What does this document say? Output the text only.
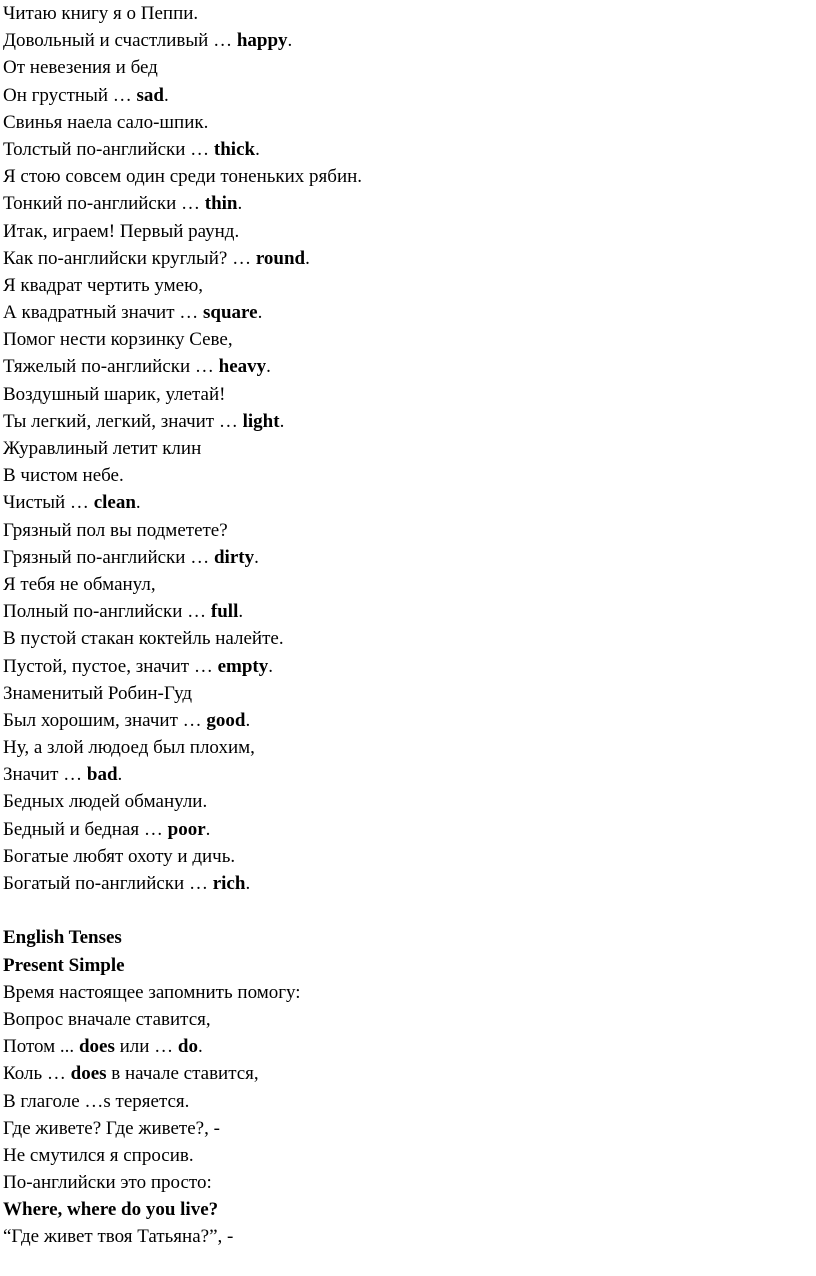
Читаю книгу я о Пеппи.
Довольный и счастливый … happy.
От невезения и бед
Он грустный … sad.
Свинья наела сало-шпик.
Толстый по-английски … thick.
Я стою совсем один среди тоненьких рябин.
Тонкий по-английски … thin.
Итак, играем! Первый раунд.
Как по-английски круглый? … round.
Я квадрат чертить умею,
А квадратный значит … square.
Помог нести корзинку Севе,
Тяжелый по-английски … heavy.
Воздушный шарик, улетай!
Ты легкий, легкий, значит … light.
Журавлиный летит клин
В чистом небе.
Чистый … clean.
Грязный пол вы подметете?
Грязный по-английски … dirty.
Я тебя не обманул,
Полный по-английски … full.
В пустой стакан коктейль налейте.
Пустой, пустое, значит … empty.
Знаменитый Робин-Гуд
Был хорошим, значит … good.
Ну, а злой людоед был плохим,
Значит … bad.
Бедных людей обманули.
Бедный и бедная … poor.
Богатые любят охоту и дичь.
Богатый по-английски … rich.
English Tenses
Present Simple
Время настоящее запомнить помогу:
Вопрос вначале ставится,
Потом ... does или … do.
Коль … does в начале ставится,
В глаголе …s теряется.
Где живете? Где живете?, -
Не смутился я спросив.
По-английски это просто:
Where, where do you live?
“Где живет твоя Татьяна?”, -
